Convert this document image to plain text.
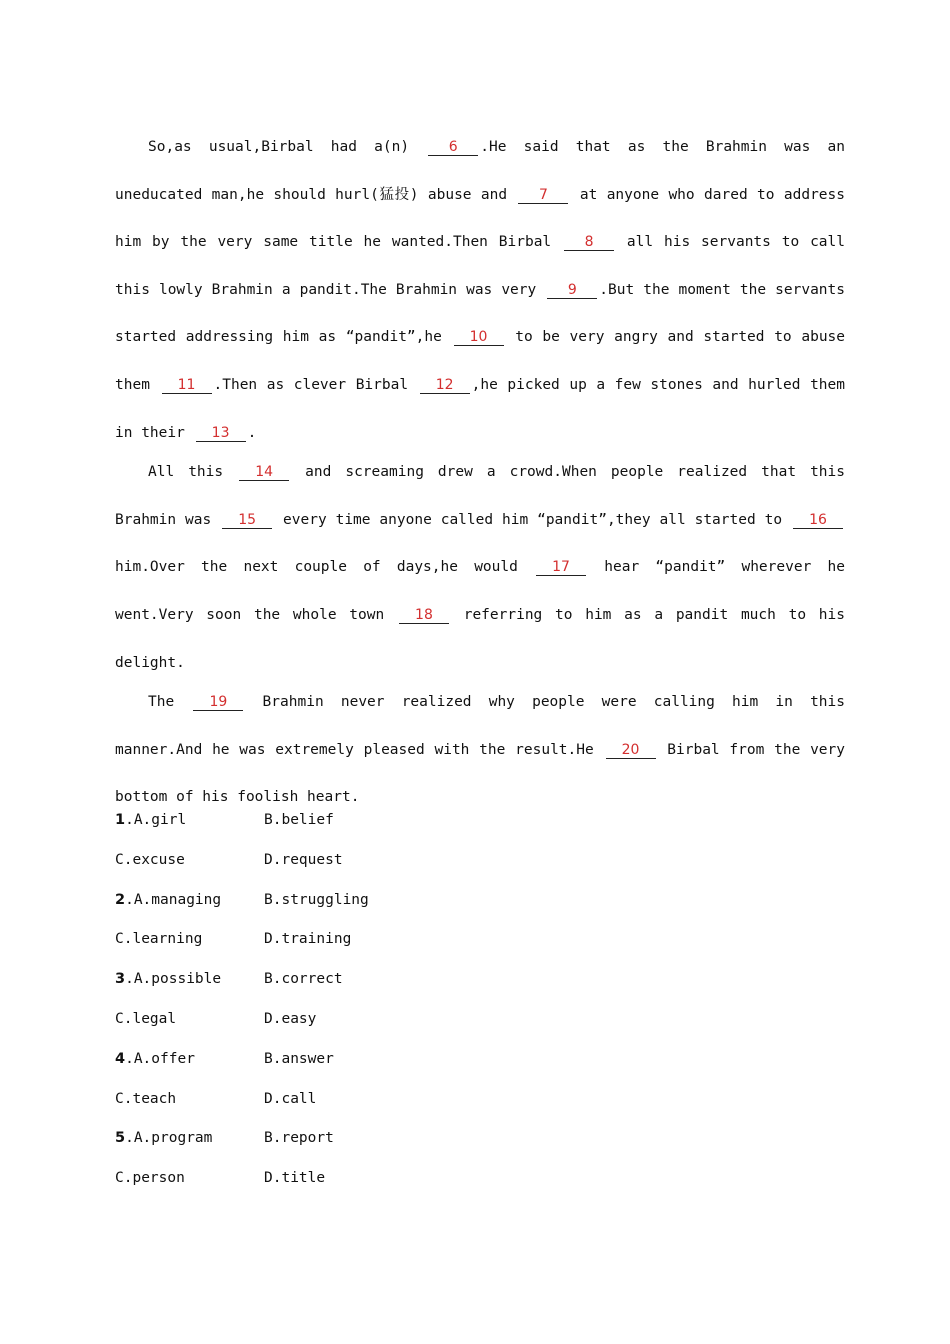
So,as usual,Birbal had a(n) 6 .He said that as the Brahmin was an uneducated man,he should hurl(猛投) abuse and 7 at anyone who dared to address him by the very same title he wanted.Then Birbal 8 all his servants to call this lowly Brahmin a pandit.The Brahmin was very 9 .But the moment the servants started addressing him as “pandit”,he 10 to be very angry and started to abuse them 11 .Then as clever Birbal 12 ,he picked up a few stones and hurled them in their 13 .

All this 14 and screaming drew a crowd.When people realized that this Brahmin was 15 every time anyone called him “pandit”,they all started to 16 him.Over the next couple of days,he would 17 hear “pandit” wherever he went.Very soon the whole town 18 referring to him as a pandit much to his delight.

The 19 Brahmin never realized why people were calling him in this manner.And he was extremely pleased with the result.He 20 Birbal from the very bottom of his foolish heart.

1.A.girl	B.belief
C.excuse	D.request
2.A.managing	B.struggling
C.learning	D.training
3.A.possible	B.correct
C.legal	D.easy
4.A.offer	B.answer
C.teach	D.call
5.A.program	B.report
C.person	D.title
